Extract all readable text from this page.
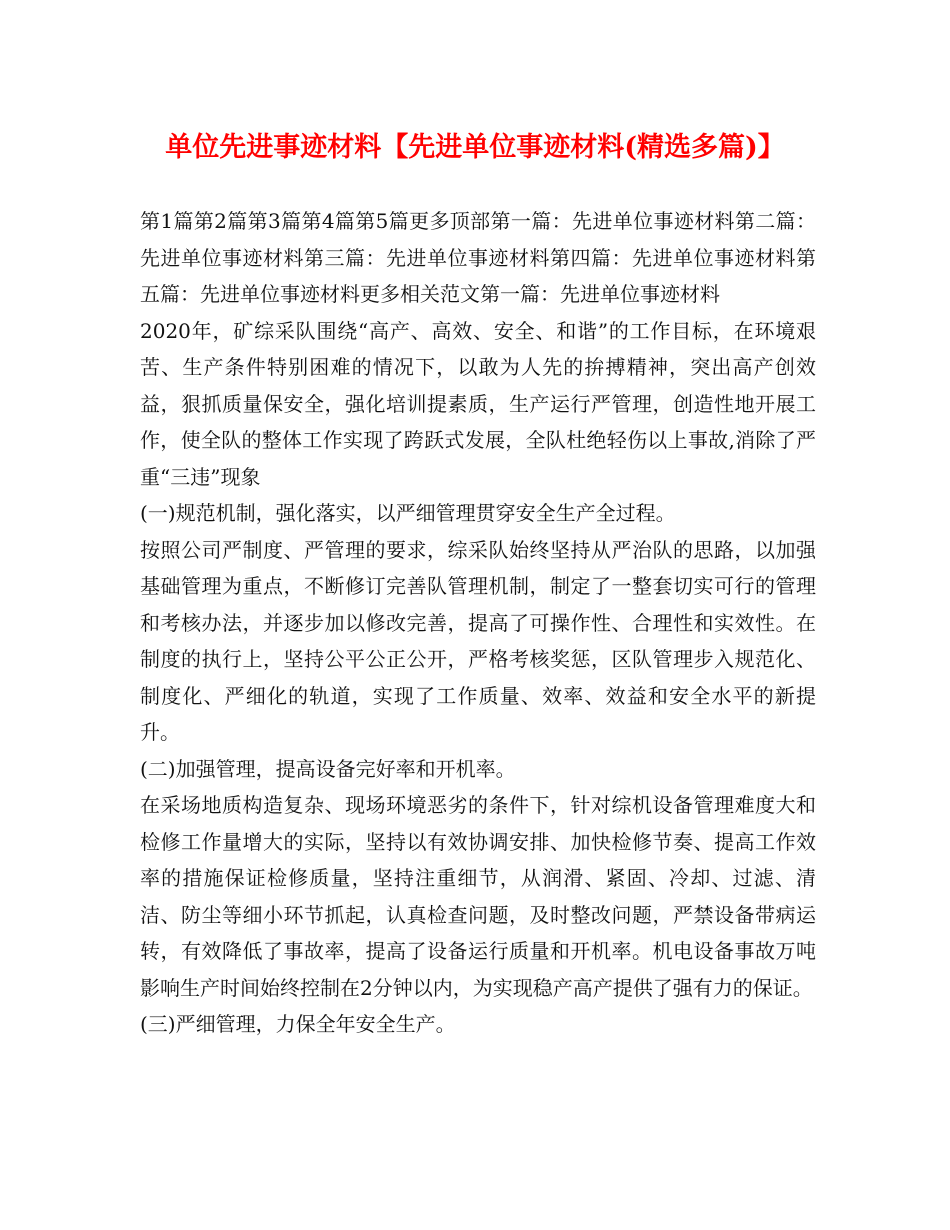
单位先进事迹材料【先进单位事迹材料(精选多篇)】

第1篇第2篇第3篇第4篇第5篇更多顶部第一篇：先进单位事迹材料第二篇：先进单位事迹材料第三篇：先进单位事迹材料第四篇：先进单位事迹材料第五篇：先进单位事迹材料更多相关范文第一篇：先进单位事迹材料

2020年，矿综采队围绕“高产、高效、安全、和谐”的工作目标，在环境艰苦、生产条件特别困难的情况下，以敢为人先的拚搏精神，突出高产创效益，狠抓质量保安全，强化培训提素质，生产运行严管理，创造性地开展工作，使全队的整体工作实现了跨跃式发展，全队杜绝轻伤以上事故,消除了严重“三违”现象

(一)规范机制，强化落实，以严细管理贯穿安全生产全过程。

按照公司严制度、严管理的要求，综采队始终坚持从严治队的思路，以加强基础管理为重点，不断修订完善队管理机制，制定了一整套切实可行的管理和考核办法，并逐步加以修改完善，提高了可操作性、合理性和实效性。在制度的执行上，坚持公平公正公开，严格考核奖惩，区队管理步入规范化、制度化、严细化的轨道，实现了工作质量、效率、效益和安全水平的新提升。

(二)加强管理，提高设备完好率和开机率。

在采场地质构造复杂、现场环境恶劣的条件下，针对综机设备管理难度大和检修工作量增大的实际，坚持以有效协调安排、加快检修节奏、提高工作效率的措施保证检修质量，坚持注重细节，从润滑、紧固、冷却、过滤、清洁、防尘等细小环节抓起，认真检查问题，及时整改问题，严禁设备带病运转，有效降低了事故率，提高了设备运行质量和开机率。机电设备事故万吨影响生产时间始终控制在2分钟以内，为实现稳产高产提供了强有力的保证。

(三)严细管理，力保全年安全生产。
